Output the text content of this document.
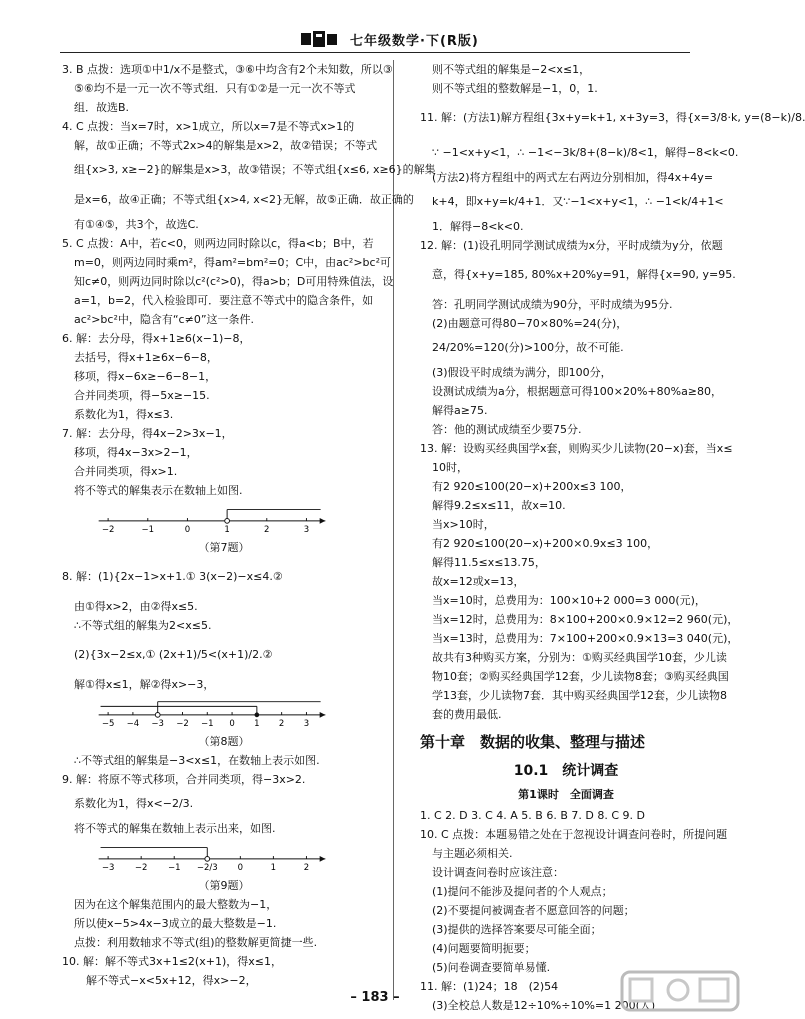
七年级数学·下(R版)
3. B 点拨：选项①中1/x不是整式，③⑥中均含有2个未知数，所以③
⑤⑥均不是一元一次不等式组．只有①②是一元一次不等式
组．故选B.
4. C 点拨：当x=7时，x>1成立，所以x=7是不等式x>1的
解，故①正确；不等式2x>4的解集是x>2，故②错误；不等式
组{x>3, x≥−2}的解集是x>3，故③错误；不等式组{x≤6, x≥6}的解集
是x=6，故④正确；不等式组{x>4, x<2}无解，故⑤正确．故正确的
有①④⑤，共3个，故选C.
5. C 点拨：A中，若c<0，则两边同时除以c，得a<b；B中，若
m=0，则两边同时乘m²，得am²=bm²=0；C中，由ac²>bc²可
知c≠0，则两边同时除以c²(c²>0)，得a>b；D可用特殊值法，设
a=1，b=2，代入检验即可．要注意不等式中的隐含条件，如
ac²>bc²中，隐含有“c≠0”这一条件.
6. 解：去分母，得x+1≥6(x−1)−8，
去括号，得x+1≥6x−6−8，
移项，得x−6x≥−6−8−1，
合并同类项，得−5x≥−15.
系数化为1，得x≤3.
7. 解：去分母，得4x−2>3x−1，
移项，得4x−3x>2−1，
合并同类项，得x>1.
将不等式的解集表示在数轴上如图.
−2	−1	0	1	2	3
（第7题）
8. 解：(1){2x−1>x+1.① 3(x−2)−x≤4.②
由①得x>2，由②得x≤5.
∴不等式组的解集为2<x≤5.
(2){3x−2≤x,① (2x+1)/5<(x+1)/2.②
解①得x≤1，解②得x>−3，
−5 −4 −3 −2 −1 0 1 2 3
（第8题）
∴不等式组的解集是−3<x≤1，在数轴上表示如图.
9. 解：将原不等式移项，合并同类项，得−3x>2.
系数化为1，得x<−2/3.
将不等式的解集在数轴上表示出来，如图.
−3 −2 −1 −2/3 0	1	2
（第9题）
因为在这个解集范围内的最大整数为−1，
所以使x−5>4x−3成立的最大整数是−1.
点拨：利用数轴求不等式(组)的整数解更简捷一些.
10. 解：解不等式3x+1≤2(x+1)，得x≤1，
解不等式−x<5x+12，得x>−2，
则不等式组的解集是−2<x≤1，
则不等式组的整数解是−1，0，1.
11. 解：(方法1)解方程组{3x+y=k+1, x+3y=3，得{x=3/8·k, y=(8−k)/8.
∵ −1<x+y<1，∴ −1<−3k/8+(8−k)/8<1，解得−8<k<0.
(方法2)将方程组中的两式左右两边分别相加，得4x+4y=
k+4，即x+y=k/4+1．又∵−1<x+y<1，∴ −1<k/4+1<
1．解得−8<k<0.
12. 解：(1)设孔明同学测试成绩为x分，平时成绩为y分，依题
意，得{x+y=185, 80%x+20%y=91，解得{x=90, y=95.
答：孔明同学测试成绩为90分，平时成绩为95分.
(2)由题意可得80−70×80%=24(分)，
24/20%=120(分)>100分，故不可能.
(3)假设平时成绩为满分，即100分，
设测试成绩为a分，根据题意可得100×20%+80%a≥80，
解得a≥75.
答：他的测试成绩至少要75分.
13. 解：设购买经典国学x套，则购买少儿读物(20−x)套，当x≤
10时，
有2 920≤100(20−x)+200x≤3 100，
解得9.2≤x≤11，故x=10.
当x>10时，
有2 920≤100(20−x)+200×0.9x≤3 100，
解得11.5≤x≤13.75，
故x=12或x=13，
当x=10时，总费用为：100×10+2 000=3 000(元)，
当x=12时，总费用为：8×100+200×0.9×12=2 960(元)，
当x=13时，总费用为：7×100+200×0.9×13=3 040(元)，
故共有3种购买方案，分别为：①购买经典国学10套，少儿读
物10套；②购买经典国学12套，少儿读物8套；③购买经典国
学13套，少儿读物7套．其中购买经典国学12套，少儿读物8
套的费用最低.
第十章　数据的收集、整理与描述
10.1　统计调查
第1课时　全面调查
1. C 2. D 3. C 4. A 5. B 6. B 7. D 8. C 9. D
10. C 点拨：本题易错之处在于忽视设计调查问卷时，所提问题
与主题必须相关.
设计调查问卷时应该注意：
(1)提问不能涉及提问者的个人观点；
(2)不要提问被调查者不愿意回答的问题；
(3)提供的选择答案要尽可能全面；
(4)问题要简明扼要；
(5)问卷调查要简单易懂.
11. 解：(1)24；18　(2)54
(3)全校总人数是12÷10%÷10%=1 200(人)
– 183 –
